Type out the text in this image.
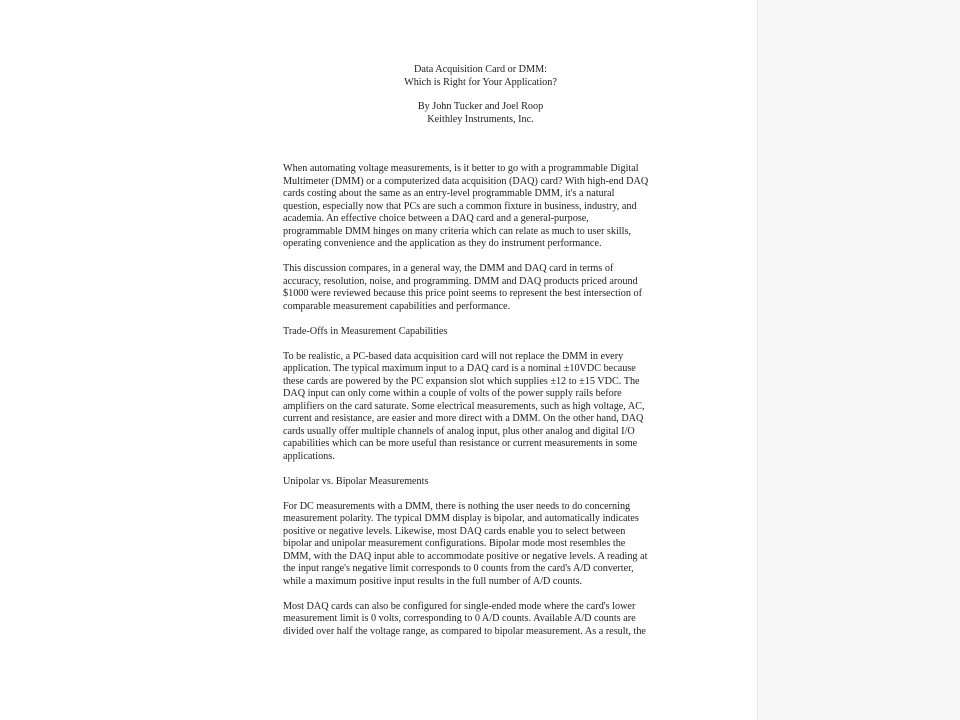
Data Acquisition Card or DMM:

Which is Right for Your Application?

By John Tucker and Joel Roop

Keithley Instruments, Inc.

When automating voltage measurements, is it better to go with a programmable Digital
Multimeter (DMM) or a computerized data acquisition (DAQ) card? With high-end DAQ
cards costing about the same as an entry-level programmable DMM, it's a natural
question, especially now that PCs are such a common fixture in business, industry, and
academia. An effective choice between a DAQ card and a general-purpose,
programmable DMM hinges on many criteria which can relate as much to user skills,
operating convenience and the application as they do instrument performance.
This discussion compares, in a general way, the DMM and DAQ card in terms of
accuracy, resolution, noise, and programming. DMM and DAQ products priced around
$1000 were reviewed because this price point seems to represent the best intersection of
comparable measurement capabilities and performance.
Trade-Offs in Measurement Capabilities
To be realistic, a PC-based data acquisition card will not replace the DMM in every
application. The typical maximum input to a DAQ card is a nominal ±10VDC because
these cards are powered by the PC expansion slot which supplies ±12 to ±15 VDC. The
DAQ input can only come within a couple of volts of the power supply rails before
amplifiers on the card saturate. Some electrical measurements, such as high voltage, AC,
current and resistance, are easier and more direct with a DMM. On the other hand, DAQ
cards usually offer multiple channels of analog input, plus other analog and digital I/O
capabilities which can be more useful than resistance or current measurements in some
applications.
Unipolar vs. Bipolar Measurements
For DC measurements with a DMM, there is nothing the user needs to do concerning
measurement polarity. The typical DMM display is bipolar, and automatically indicates
positive or negative levels. Likewise, most DAQ cards enable you to select between
bipolar and unipolar measurement configurations. Bipolar mode most resembles the
DMM, with the DAQ input able to accommodate positive or negative levels. A reading at
the input range's negative limit corresponds to 0 counts from the card's A/D converter,
while a maximum positive input results in the full number of A/D counts.
Most DAQ cards can also be configured for single-ended mode where the card's lower
measurement limit is 0 volts, corresponding to 0 A/D counts. Available A/D counts are
divided over half the voltage range, as compared to bipolar measurement. As a result, the
